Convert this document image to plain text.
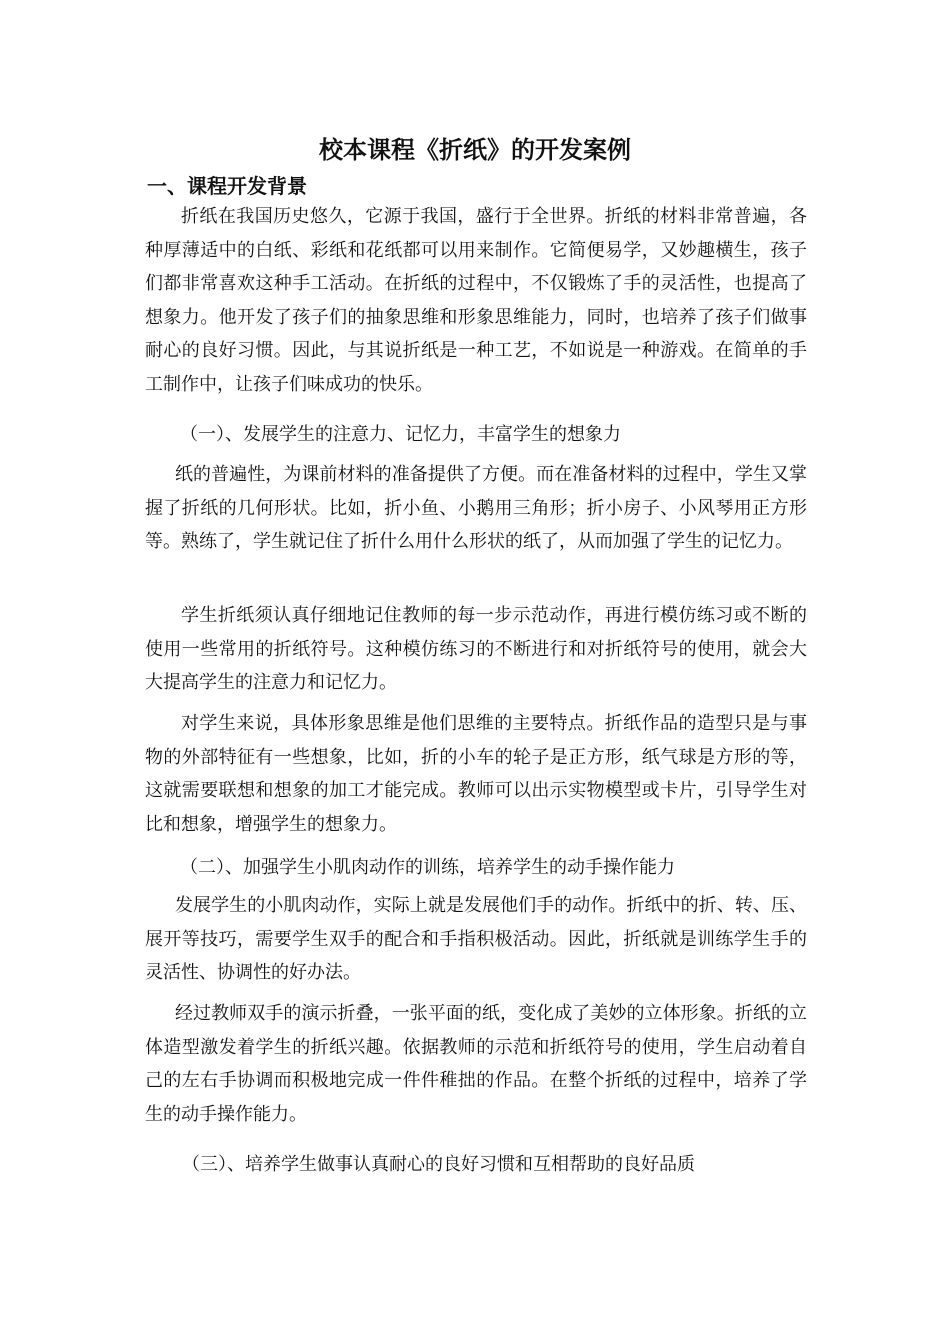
校本课程《折纸》的开发案例
一、课程开发背景

折纸在我国历史悠久，它源于我国，盛行于全世界。折纸的材料非常普遍，各种厚薄适中的白纸、彩纸和花纸都可以用来制作。它简便易学，又妙趣横生，孩子们都非常喜欢这种手工活动。在折纸的过程中，不仅锻炼了手的灵活性，也提高了想象力。他开发了孩子们的抽象思维和形象思维能力，同时，也培养了孩子们做事耐心的良好习惯。因此，与其说折纸是一种工艺，不如说是一种游戏。在简单的手工制作中，让孩子们味成功的快乐。

（一）、发展学生的注意力、记忆力，丰富学生的想象力

纸的普遍性，为课前材料的准备提供了方便。而在准备材料的过程中，学生又掌握了折纸的几何形状。比如，折小鱼、小鹅用三角形；折小房子、小风琴用正方形等。熟练了，学生就记住了折什么用什么形状的纸了，从而加强了学生的记忆力。

学生折纸须认真仔细地记住教师的每一步示范动作，再进行模仿练习或不断的使用一些常用的折纸符号。这种模仿练习的不断进行和对折纸符号的使用，就会大大提高学生的注意力和记忆力。

对学生来说，具体形象思维是他们思维的主要特点。折纸作品的造型只是与事物的外部特征有一些想象，比如，折的小车的轮子是正方形，纸气球是方形的等，这就需要联想和想象的加工才能完成。教师可以出示实物模型或卡片，引导学生对比和想象，增强学生的想象力。

（二）、加强学生小肌肉动作的训练，培养学生的动手操作能力

发展学生的小肌肉动作，实际上就是发展他们手的动作。折纸中的折、转、压、展开等技巧，需要学生双手的配合和手指积极活动。因此，折纸就是训练学生手的灵活性、协调性的好办法。

经过教师双手的演示折叠，一张平面的纸，变化成了美妙的立体形象。折纸的立体造型激发着学生的折纸兴趣。依据教师的示范和折纸符号的使用，学生启动着自己的左右手协调而积极地完成一件件稚拙的作品。在整个折纸的过程中，培养了学生的动手操作能力。

（三）、培养学生做事认真耐心的良好习惯和互相帮助的良好品质
